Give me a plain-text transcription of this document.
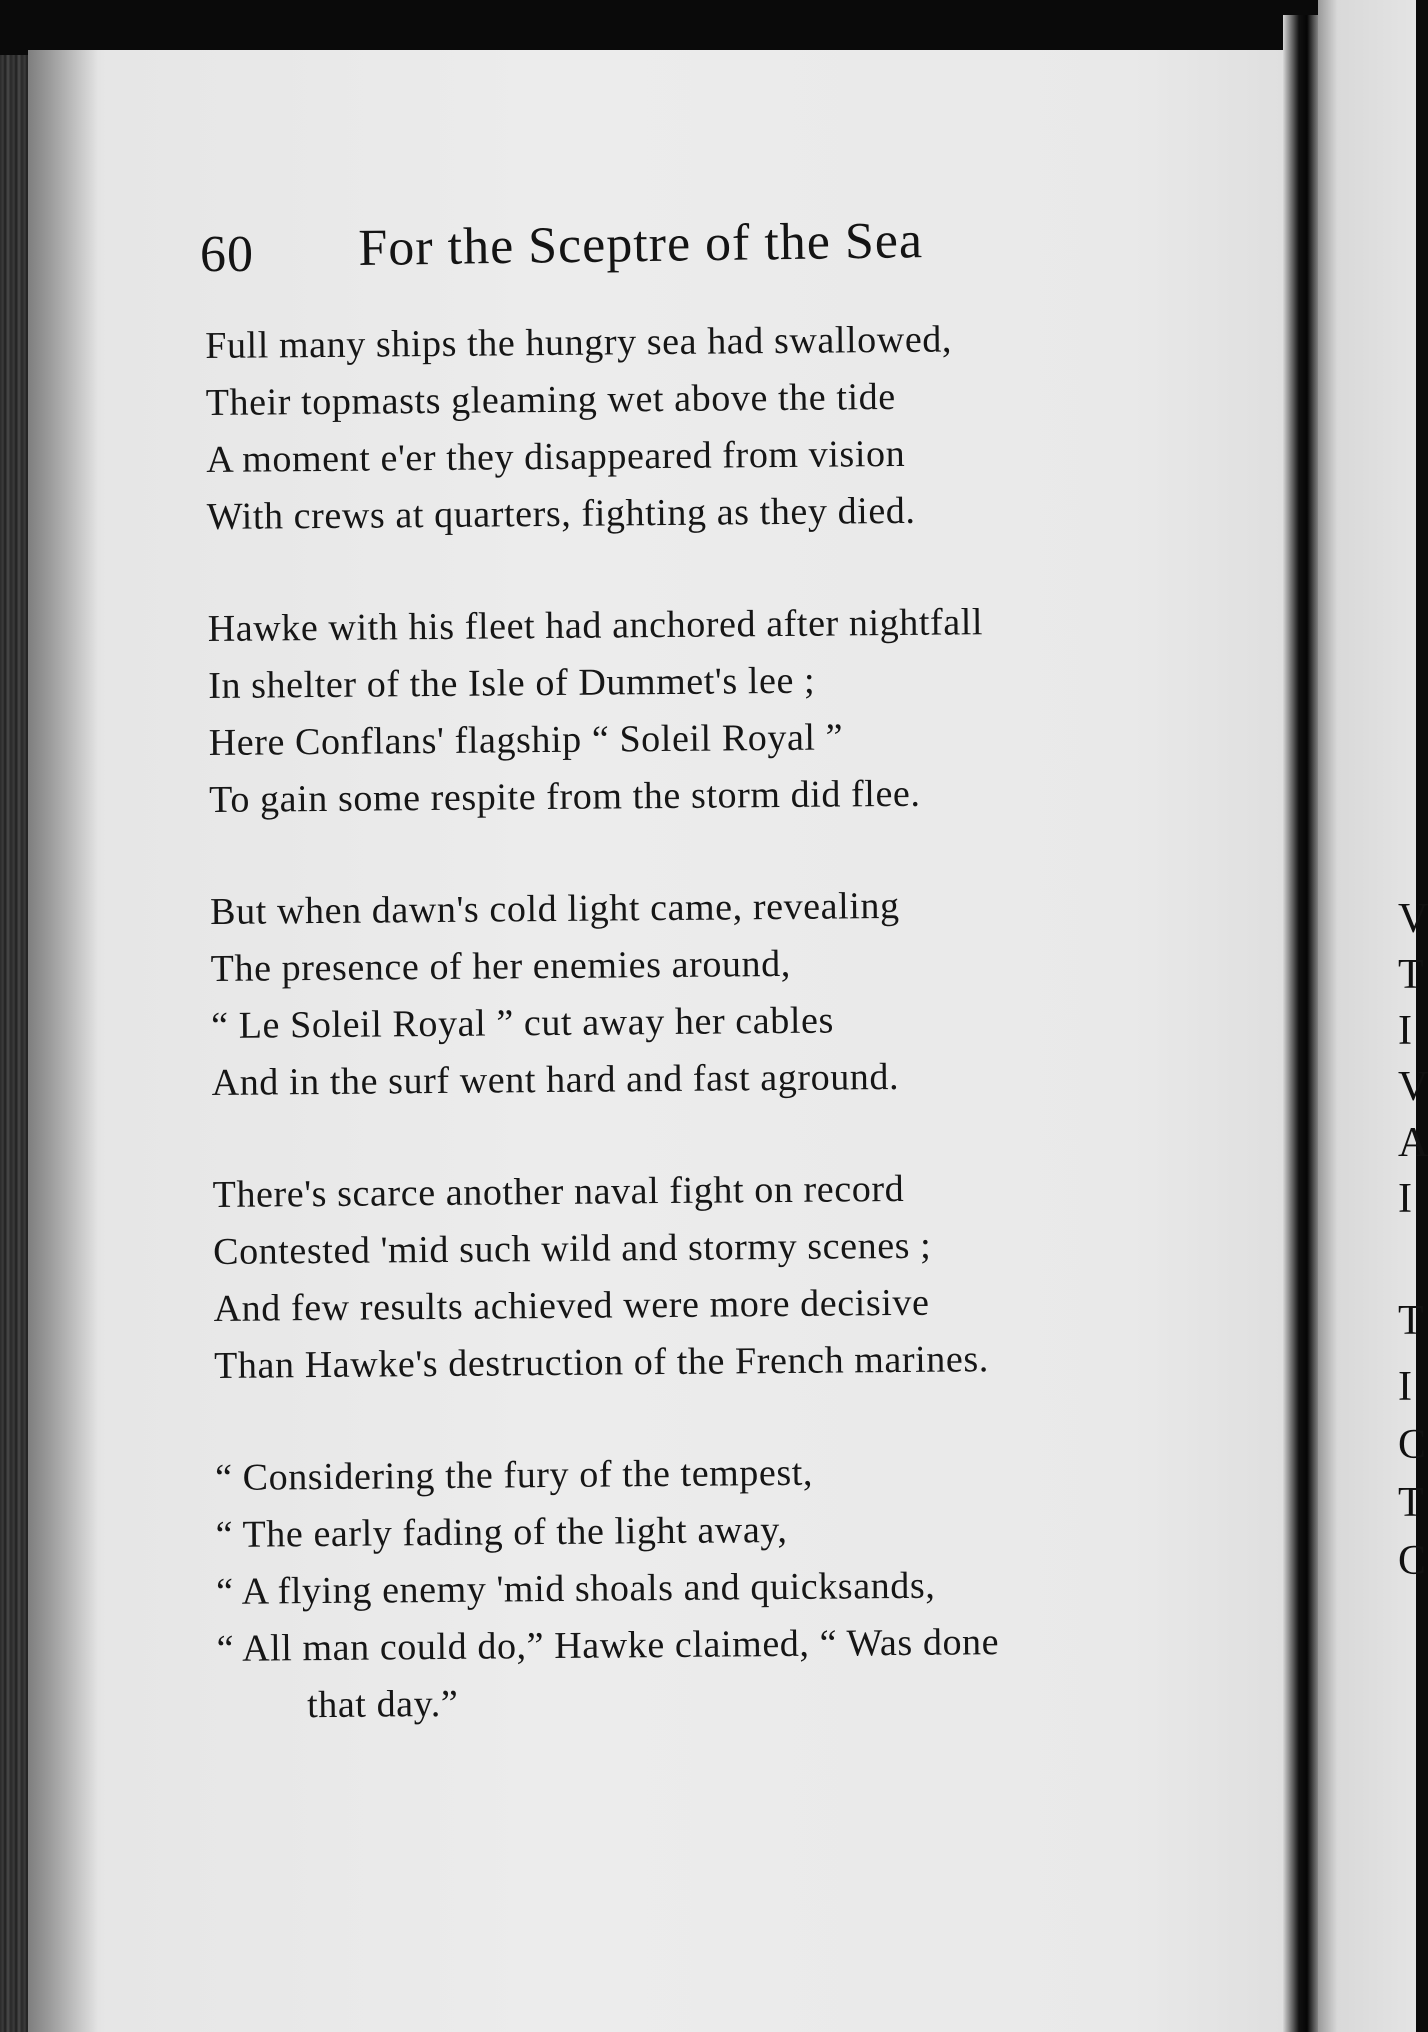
V
T
I
V
A
I
T
I
C
T
C
60 For the Sceptre of the Sea
Full many ships the hungry sea had swallowed,
Their topmasts gleaming wet above the tide
A moment e'er they disappeared from vision
With crews at quarters, fighting as they died.
Hawke with his fleet had anchored after nightfall
In shelter of the Isle of Dummet's lee ;
Here Conflans' flagship “ Soleil Royal ”
To gain some respite from the storm did flee.
But when dawn's cold light came, revealing
The presence of her enemies around,
“ Le Soleil Royal ” cut away her cables
And in the surf went hard and fast aground.
There's scarce another naval fight on record
Contested 'mid such wild and stormy scenes ;
And few results achieved were more decisive
Than Hawke's destruction of the French marines.
“ Considering the fury of the tempest,
“ The early fading of the light away,
“ A flying enemy 'mid shoals and quicksands,
“ All man could do,” Hawke claimed, “ Was done
that day.”
